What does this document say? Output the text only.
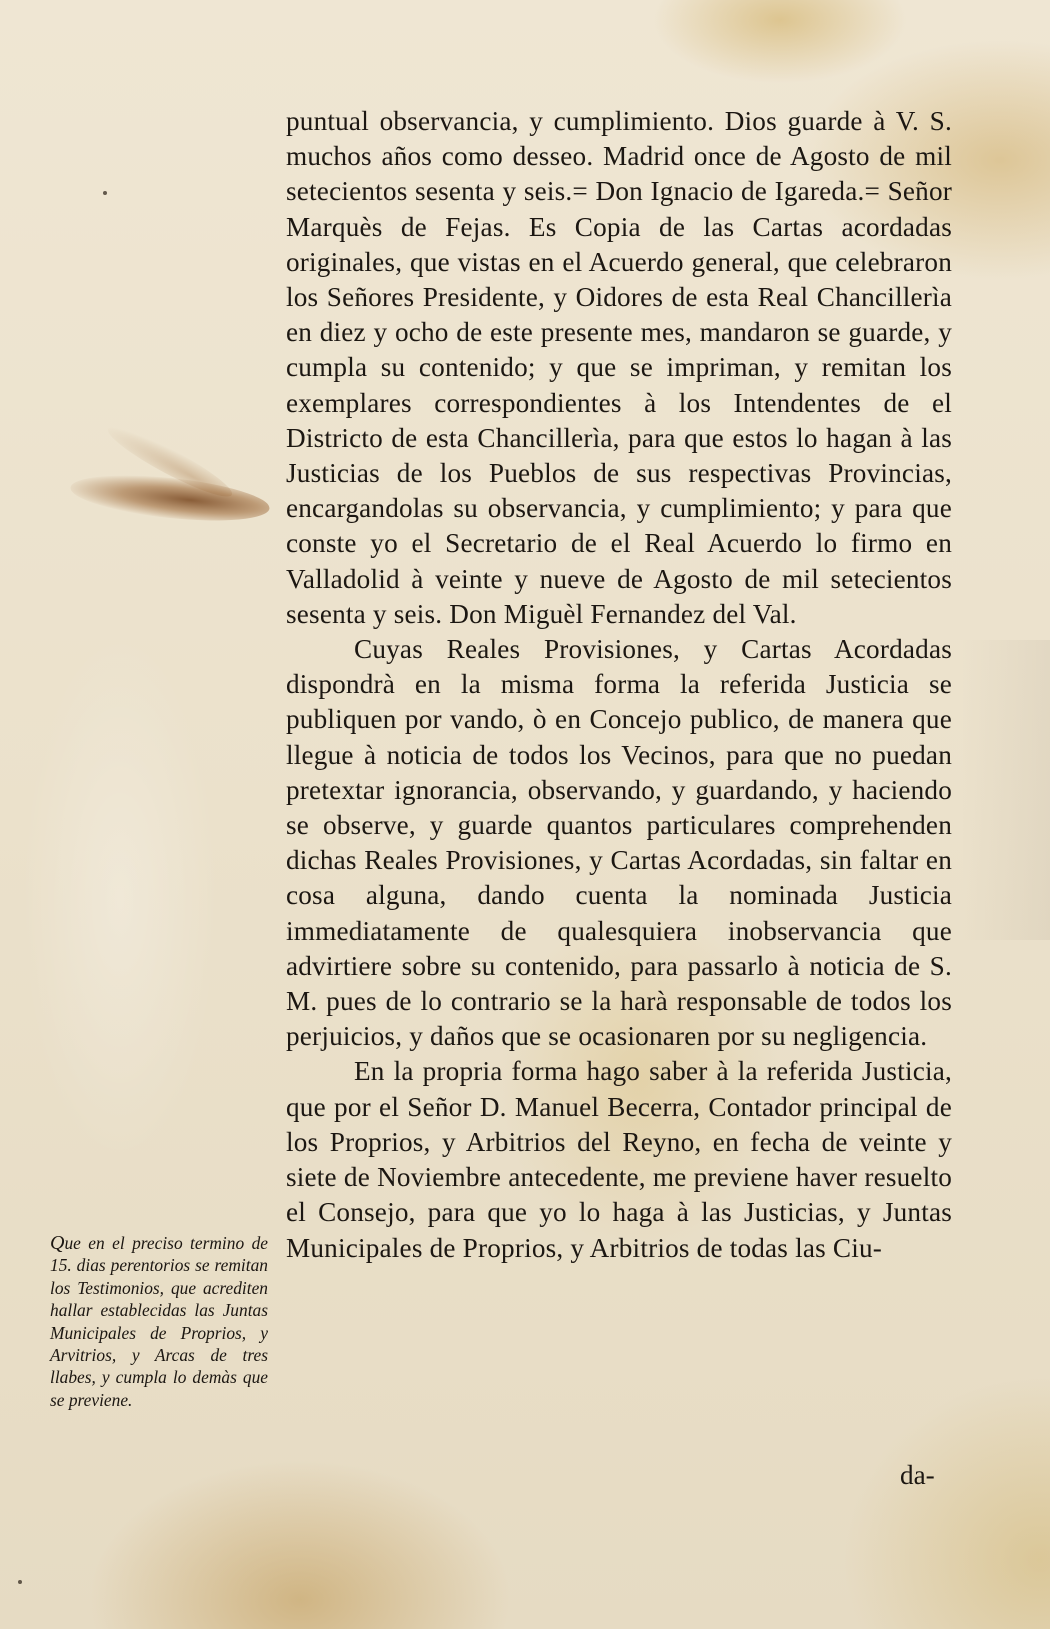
puntual observancia, y cumplimiento. Dios guarde à V. S. muchos años como desseo. Madrid once de Agosto de mil setecientos sesenta y seis.= Don Ignacio de Igareda.= Señor Marquès de Fejas. Es Copia de las Cartas acordadas originales, que vistas en el Acuerdo general, que celebraron los Señores Presidente, y Oidores de esta Real Chancillerìa en diez y ocho de este presente mes, mandaron se guarde, y cumpla su contenido; y que se impriman, y remitan los exemplares correspondientes à los Intendentes de el Districto de esta Chancillerìa, para que estos lo hagan à las Justicias de los Pueblos de sus respectivas Provincias, encargandolas su observancia, y cumplimiento; y para que conste yo el Secretario de el Real Acuerdo lo firmo en Valladolid à veinte y nueve de Agosto de mil setecientos sesenta y seis. Don Miguèl Fernandez del Val.

Cuyas Reales Provisiones, y Cartas Acordadas dispondrà en la misma forma la referida Justicia se publiquen por vando, ò en Concejo publico, de manera que llegue à noticia de todos los Vecinos, para que no puedan pretextar ignorancia, observando, y guardando, y haciendo se observe, y guarde quantos particulares comprehenden dichas Reales Provisiones, y Cartas Acordadas, sin faltar en cosa alguna, dando cuenta la nominada Justicia immediatamente de qualesquiera inobservancia que advirtiere sobre su contenido, para passarlo à noticia de S. M. pues de lo contrario se la harà responsable de todos los perjuicios, y daños que se ocasionaren por su negligencia.

En la propria forma hago saber à la referida Justicia, que por el Señor D. Manuel Becerra, Contador principal de los Proprios, y Arbitrios del Reyno, en fecha de veinte y siete de Noviembre antecedente, me previene haver resuelto el Consejo, para que yo lo haga à las Justicias, y Juntas Municipales de Proprios, y Arbitrios de todas las Ciu-

da-
Que en el preciso termino de 15. dias perentorios se remitan los Testimonios, que acrediten hallar establecidas las Juntas Municipales de Proprios, y Arvitrios, y Arcas de tres llabes, y cumpla lo demàs que se previene.
